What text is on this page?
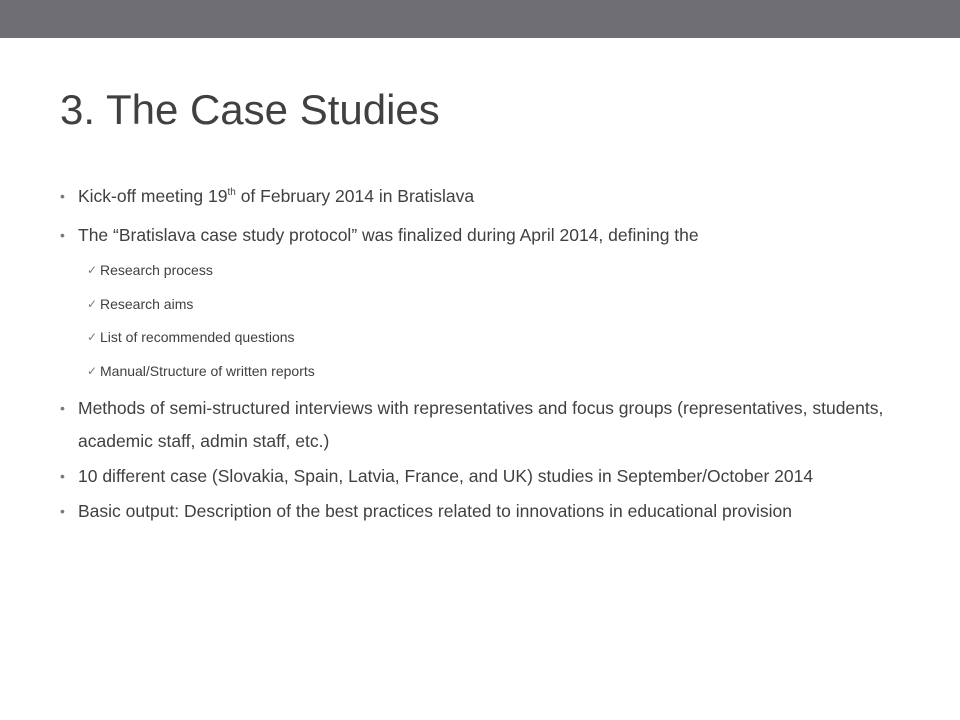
3. The Case Studies
• Kick-off meeting 19th of February 2014 in Bratislava
• The “Bratislava case study protocol” was finalized during April 2014, defining the
✓ Research process
✓ Research aims
✓ List of recommended questions
✓ Manual/Structure of written reports
• Methods of semi-structured interviews with representatives and focus groups (representatives, students, academic staff, admin staff, etc.)
• 10 different case (Slovakia, Spain, Latvia, France, and UK) studies in September/October 2014
• Basic output: Description of the best practices related to innovations in educational provision
